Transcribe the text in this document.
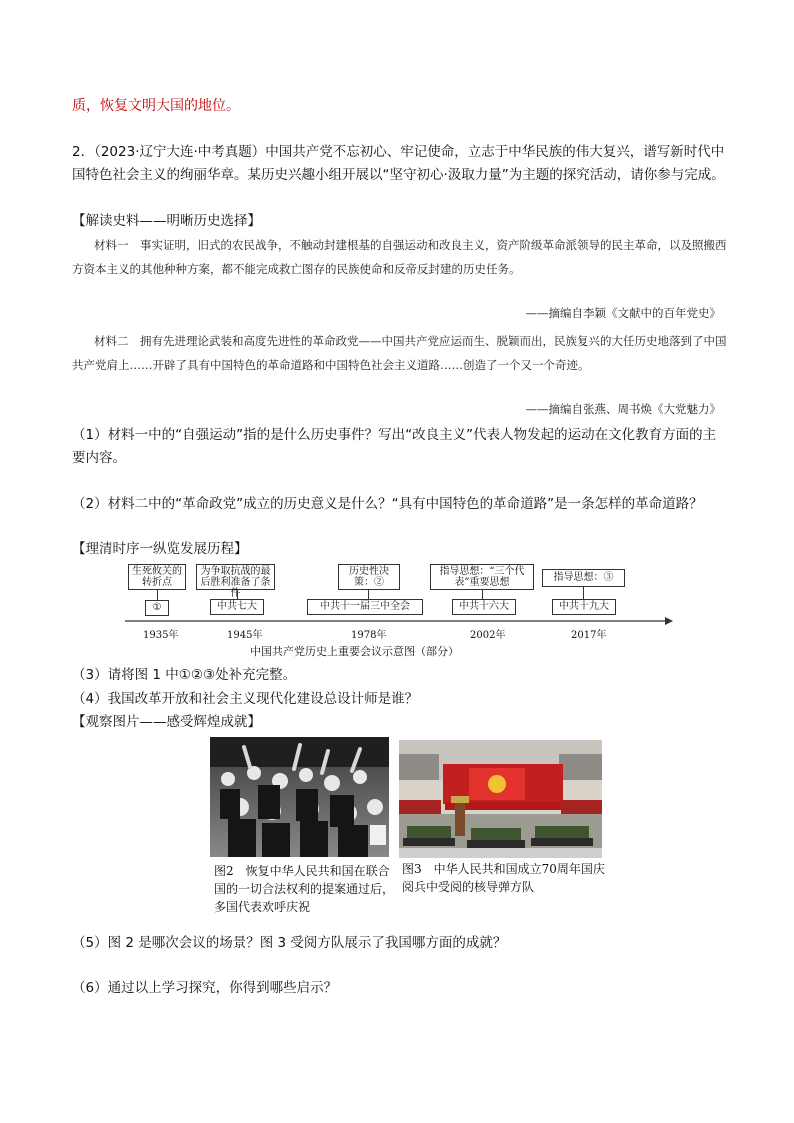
质，恢复文明大国的地位。
2．（2023·辽宁大连·中考真题）中国共产党不忘初心、牢记使命，立志于中华民族的伟大复兴，谱写新时代中国特色社会主义的绚丽华章。某历史兴趣小组开展以“坚守初心·汲取力量”为主题的探究活动，请你参与完成。
【解读史料——明晰历史选择】
材料一　事实证明，旧式的农民战争，不触动封建根基的自强运动和改良主义，资产阶级革命派领导的民主革命，以及照搬西方资本主义的其他种种方案，都不能完成救亡图存的民族使命和反帝反封建的历史任务。
——摘编自李颖《文献中的百年党史》
材料二　拥有先进理论武装和高度先进性的革命政党——中国共产党应运而生、脱颖而出，民族复兴的大任历史地落到了中国共产党肩上……开辟了具有中国特色的革命道路和中国特色社会主义道路……创造了一个又一个奇迹。
——摘编自张燕、周书焕《大党魅力》
（1）材料一中的“自强运动”指的是什么历史事件？写出“改良主义”代表人物发起的运动在文化教育方面的主要内容。
（2）材料二中的“革命政党”成立的历史意义是什么？“具有中国特色的革命道路”是一条怎样的革命道路？
【理清时序一纵览发展历程】
生死攸关的转折点
为争取抗战的最后胜利准备了条件
历史性决策：②
指导思想：“三个代表”重要思想	指导思想：③
①	中共七大	中共十一届三中全会	中共十六大	中共十九大
1935年	1945年	1978年	2002年	2017年
中国共产党历史上重要会议示意图（部分）
（3）请将图 1 中①②③处补充完整。
（4）我国改革开放和社会主义现代化建设总设计师是谁？
【观察图片——感受辉煌成就】
图2　恢复中华人民共和国在联合国的一切合法权利的提案通过后，多国代表欢呼庆祝
图3　中华人民共和国成立70周年国庆阅兵中受阅的核导弹方队
（5）图 2 是哪次会议的场景？图 3 受阅方队展示了我国哪方面的成就？
（6）通过以上学习探究，你得到哪些启示？
